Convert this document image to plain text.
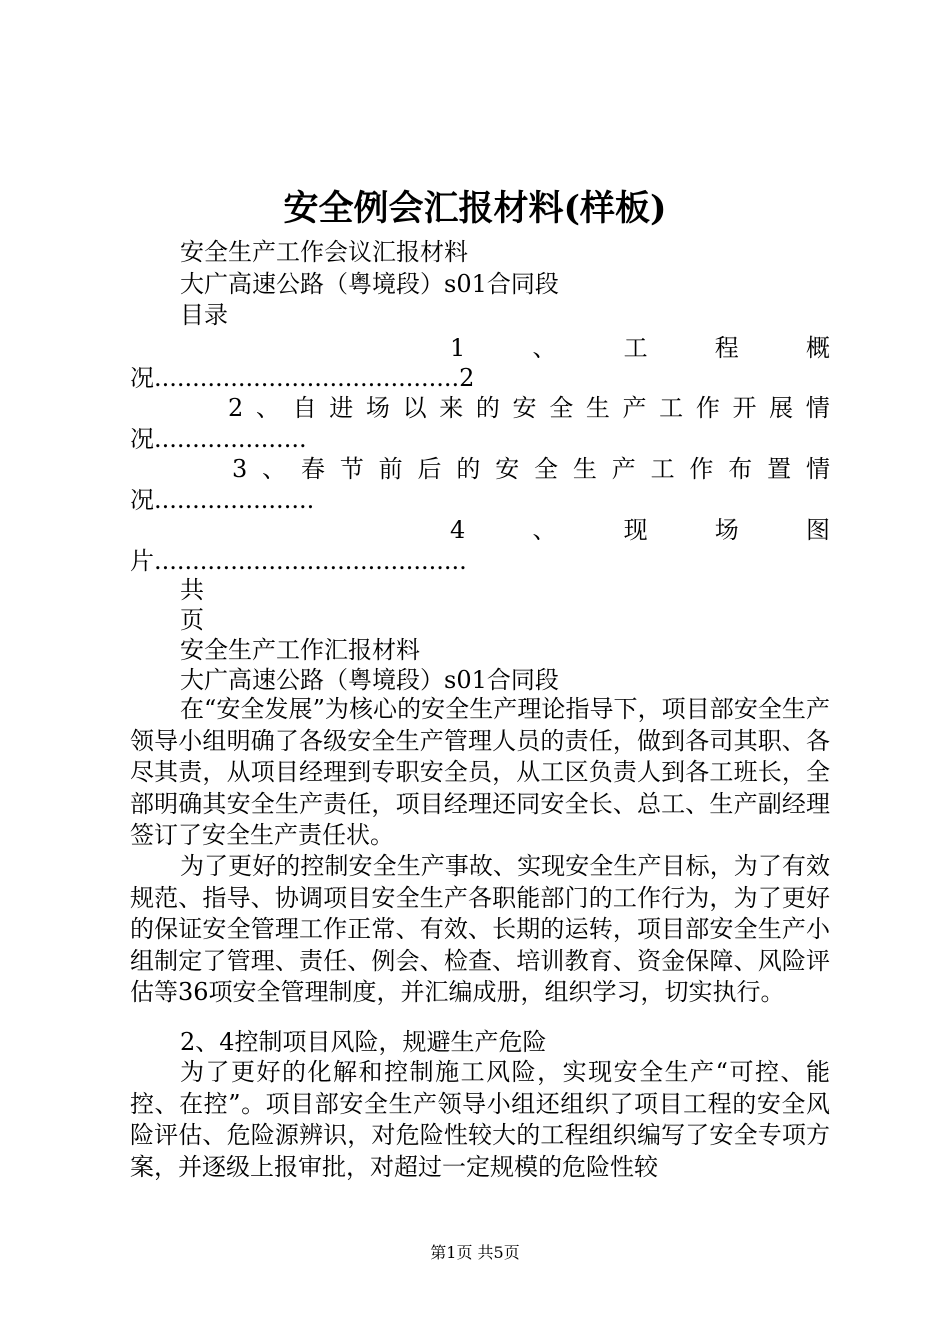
安全例会汇报材料(样板)
安全生产工作会议汇报材料
大广高速公路（粤境段）s01合同段
目录
1	、	工	程	概
况........................................2
2 、 自 进 场 以 来 的 安 全 生 产 工 作 开 展 情
况....................
3 、 春 节 前 后 的 安 全 生 产 工 作 布 置 情
况.....................
4	、	现	场	图
片.........................................
共
页
安全生产工作汇报材料
大广高速公路（粤境段）s01合同段
在“安全发展”为核心的安全生产理论指导下，项目部安全生产领导小组明确了各级安全生产管理人员的责任，做到各司其职、各尽其责，从项目经理到专职安全员，从工区负责人到各工班长，全部明确其安全生产责任，项目经理还同安全长、总工、生产副经理签订了安全生产责任状。
为了更好的控制安全生产事故、实现安全生产目标，为了有效规范、指导、协调项目安全生产各职能部门的工作行为，为了更好的保证安全管理工作正常、有效、长期的运转，项目部安全生产小组制定了管理、责任、例会、检查、培训教育、资金保障、风险评估等36项安全管理制度，并汇编成册，组织学习，切实执行。
2、4控制项目风险，规避生产危险
为了更好的化解和控制施工风险，实现安全生产“可控、能控、在控”。项目部安全生产领导小组还组织了项目工程的安全风险评估、危险源辨识，对危险性较大的工程组织编写了安全专项方案，并逐级上报审批，对超过一定规模的危险性较
第1页 共5页
